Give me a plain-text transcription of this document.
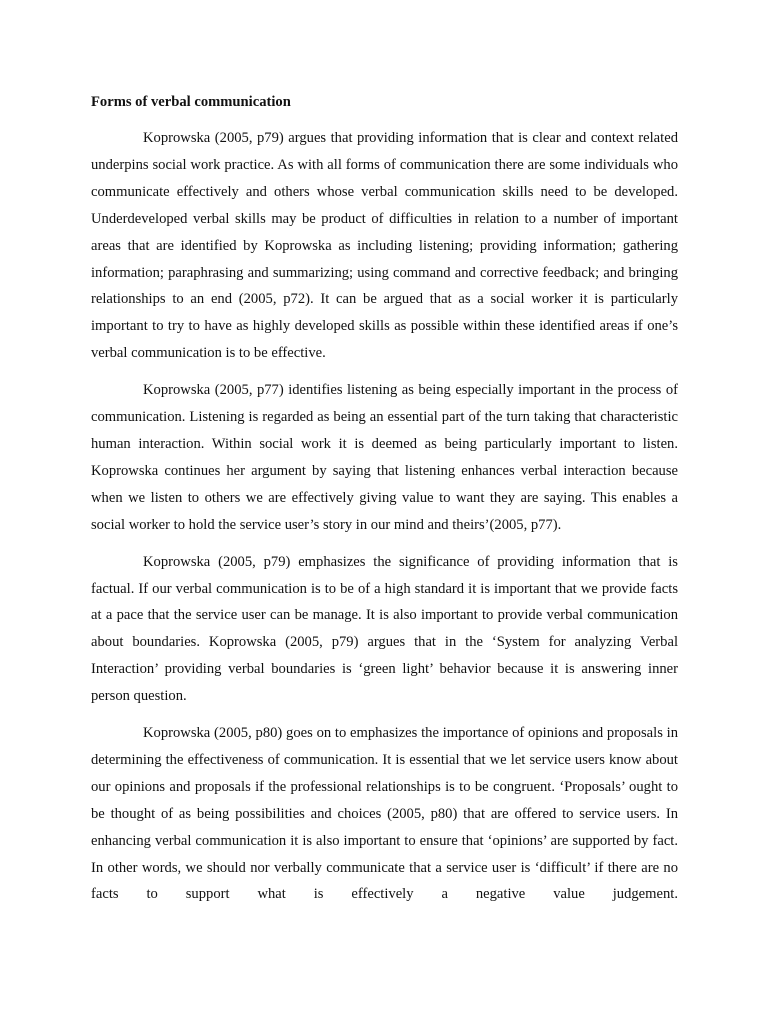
Forms of verbal communication

Koprowska (2005, p79) argues that providing information that is clear and context related underpins social work practice. As with all forms of communication there are some individuals who communicate effectively and others whose verbal communication skills need to be developed. Underdeveloped verbal skills may be product of difficulties in relation to a number of important areas that are identified by Koprowska as including listening; providing information; gathering information; paraphrasing and summarizing; using command and corrective feedback; and bringing relationships to an end (2005, p72). It can be argued that as a social worker it is particularly important to try to have as highly developed skills as possible within these identified areas if one’s verbal communication is to be effective.

Koprowska (2005, p77) identifies listening as being especially important in the process of communication. Listening is regarded as being an essential part of the turn taking that characteristic human interaction. Within social work it is deemed as being particularly important to listen. Koprowska continues her argument by saying that listening enhances verbal interaction because when we listen to others we are effectively giving value to want they are saying. This enables a social worker to hold the service user’s story in our mind and theirs’(2005, p77).

Koprowska (2005, p79) emphasizes the significance of providing information that is factual. If our verbal communication is to be of a high standard it is important that we provide facts at a pace that the service user can be manage. It is also important to provide verbal communication about boundaries. Koprowska (2005, p79) argues that in the ‘System for analyzing Verbal Interaction’ providing verbal boundaries is ‘green light’ behavior because it is answering inner person question.

Koprowska (2005, p80) goes on to emphasizes the importance of opinions and proposals in determining the effectiveness of communication. It is essential that we let service users know about our opinions and proposals if the professional relationships is to be congruent. ‘Proposals’ ought to be thought of as being possibilities and choices (2005, p80) that are offered to service users. In enhancing verbal communication it is also important to ensure that ‘opinions’ are supported by fact. In other words, we should nor verbally communicate that a service user is ‘difficult’ if there are no facts to support what is effectively a negative value judgement.
